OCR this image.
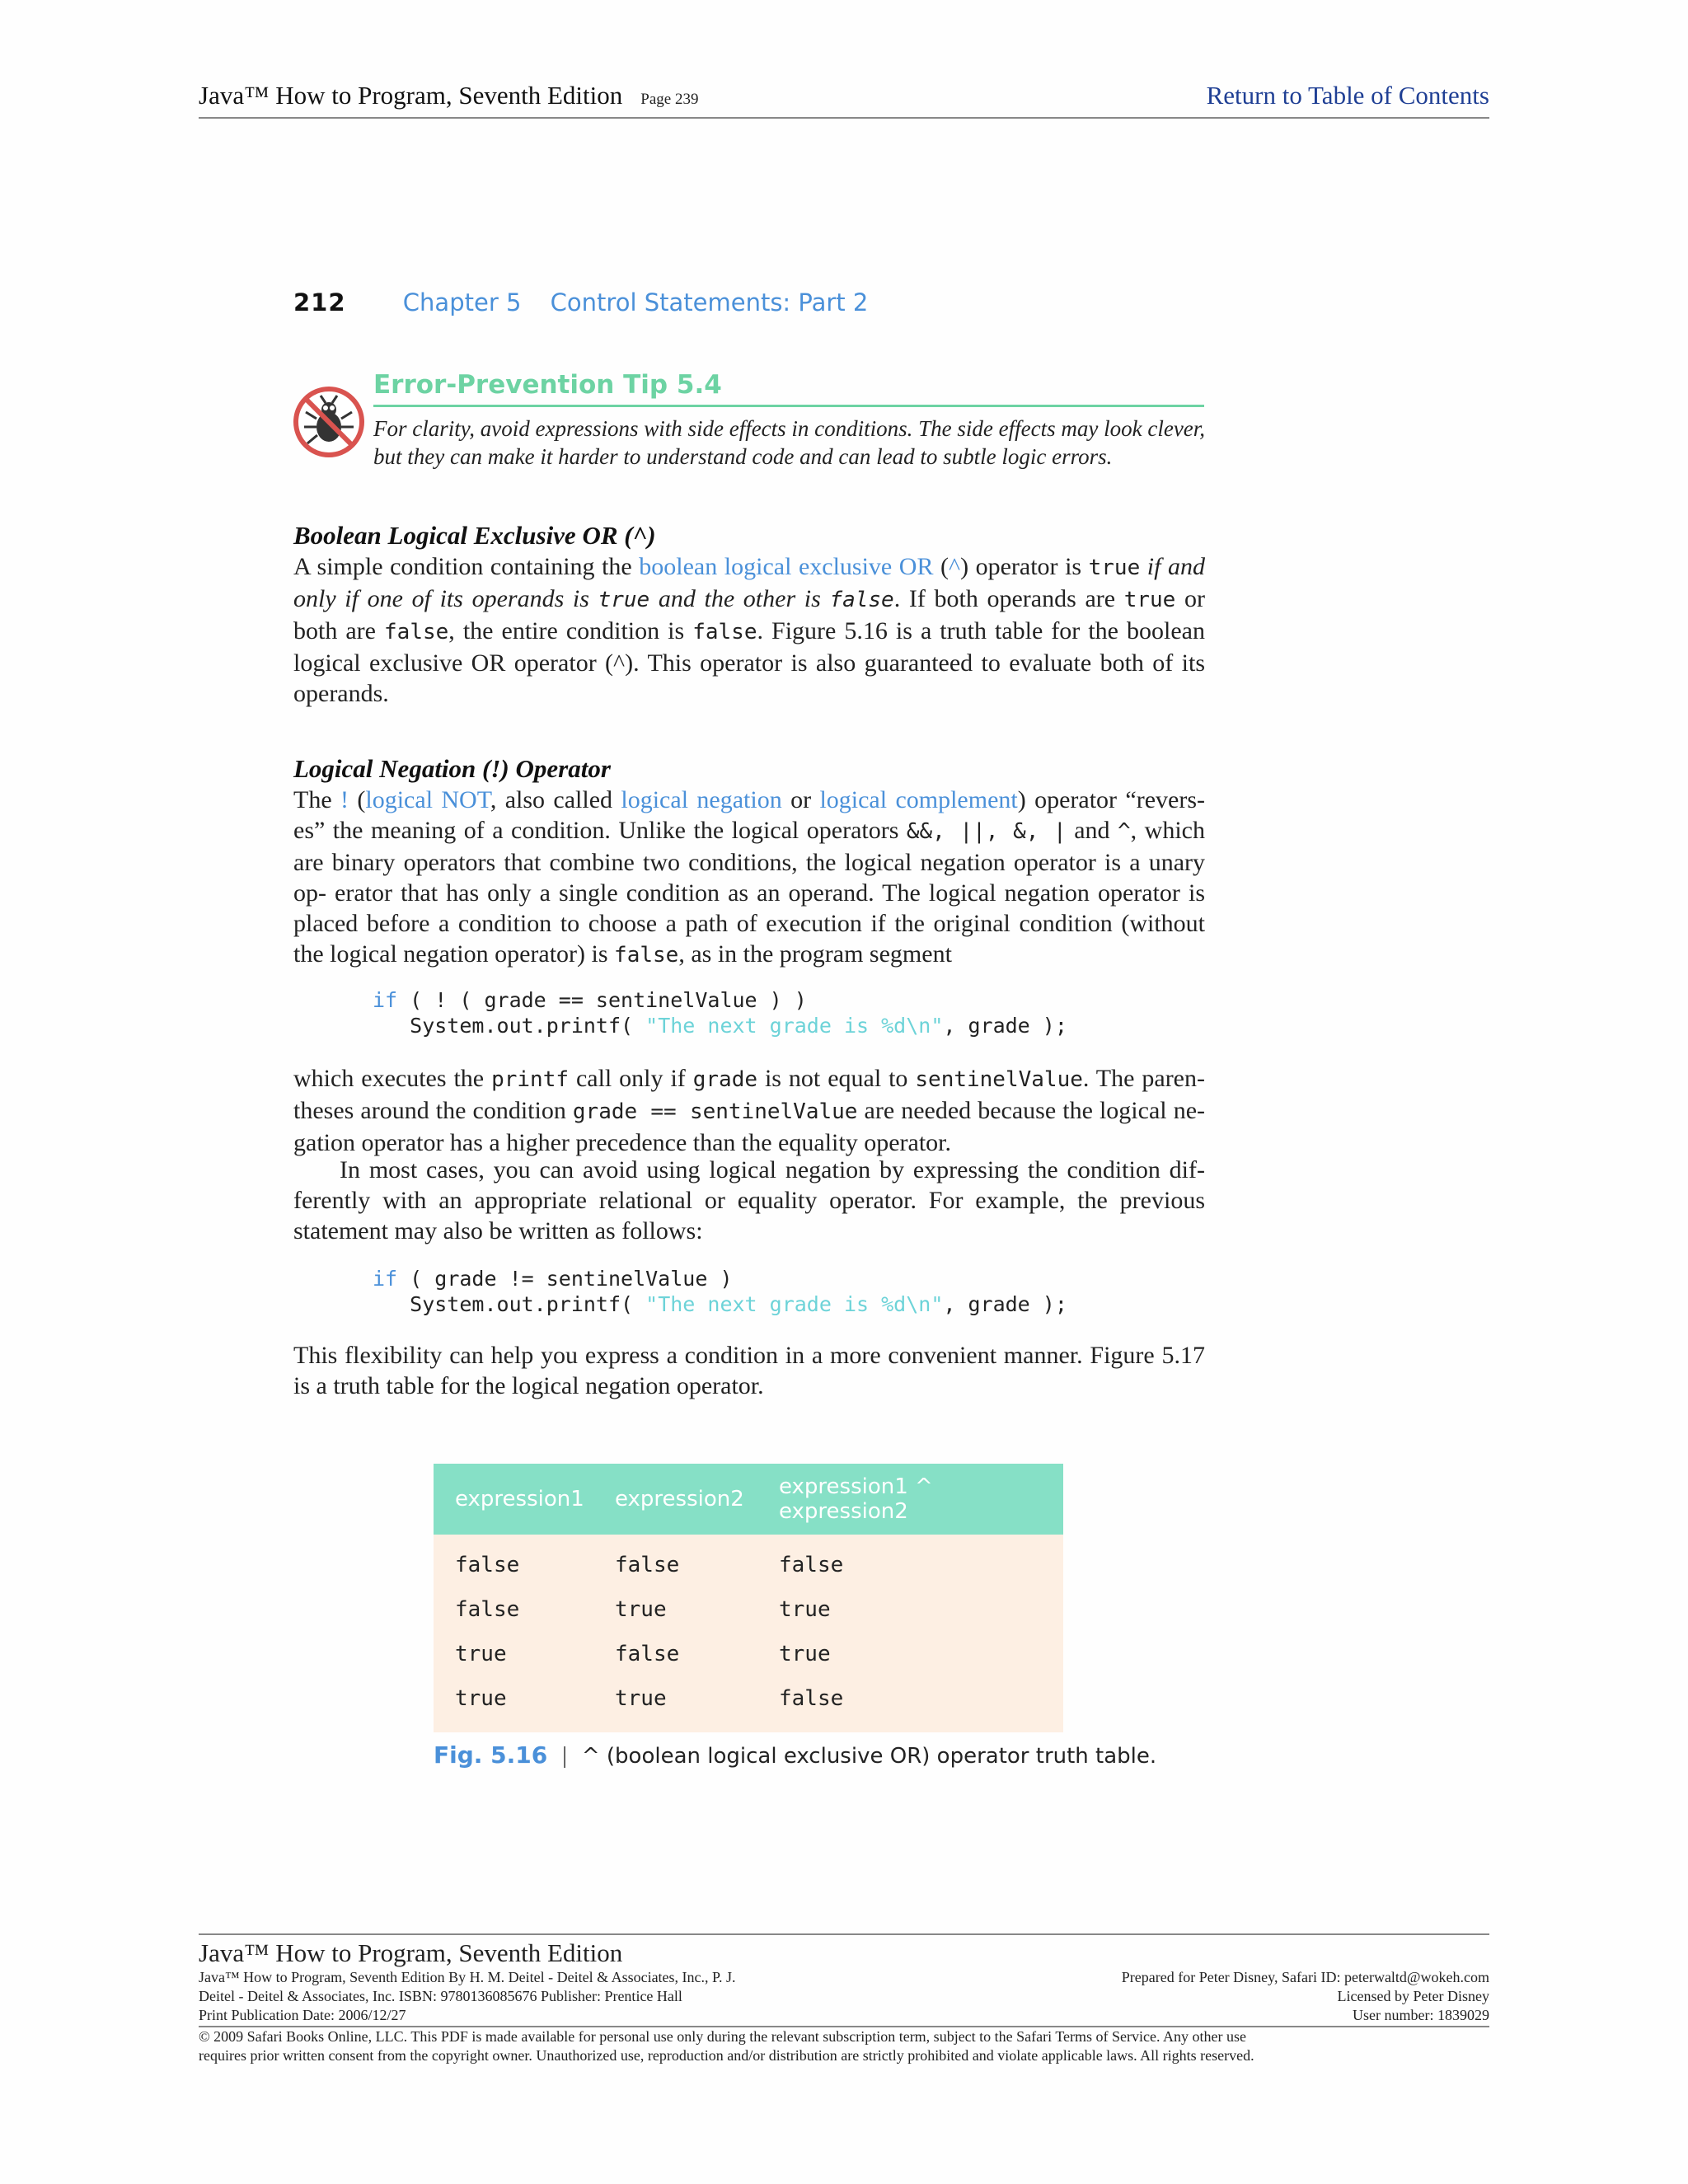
Java™ How to Program, Seventh Edition Page 239	Return to Table of Contents
212 Chapter 5 Control Statements: Part 2
Error-Prevention Tip 5.4
For clarity, avoid expressions with side effects in conditions. The side effects may look clever, but they can make it harder to understand code and can lead to subtle logic errors.
Boolean Logical Exclusive OR (^)
A simple condition containing the boolean logical exclusive OR (^) operator is true if and only if one of its operands is true and the other is false. If both operands are true or both are false, the entire condition is false. Figure 5.16 is a truth table for the boolean logical exclusive OR operator (^). This operator is also guaranteed to evaluate both of its operands.
Logical Negation (!) Operator
The ! (logical NOT, also called logical negation or logical complement) operator “revers- es” the meaning of a condition. Unlike the logical operators &&, ||, &, | and ^, which are binary operators that combine two conditions, the logical negation operator is a unary op- erator that has only a single condition as an operand. The logical negation operator is placed before a condition to choose a path of execution if the original condition (without the logical negation operator) is false, as in the program segment
if ( ! ( grade == sentinelValue ) )
System.out.printf( "The next grade is %d\n", grade );
which executes the printf call only if grade is not equal to sentinelValue. The paren- theses around the condition grade == sentinelValue are needed because the logical ne- gation operator has a higher precedence than the equality operator.
In most cases, you can avoid using logical negation by expressing the condition dif- ferently with an appropriate relational or equality operator. For example, the previous statement may also be written as follows:
if ( grade != sentinelValue )
System.out.printf( "The next grade is %d\n", grade );
This flexibility can help you express a condition in a more convenient manner. Figure 5.17 is a truth table for the logical negation operator.
expression1	expression2	expression1 ^ expression2
false	false	false
false	true	true
true	false	true
true	true	false
Fig. 5.16 | ^ (boolean logical exclusive OR) operator truth table.
Java™ How to Program, Seventh Edition
Java™ How to Program, Seventh Edition By H. M. Deitel - Deitel & Associates, Inc., P. J.	Prepared for Peter Disney, Safari ID: peterwaltd@wokeh.com
Deitel - Deitel & Associates, Inc. ISBN: 9780136085676 Publisher: Prentice Hall	Licensed by Peter Disney
Print Publication Date: 2006/12/27	User number: 1839029
© 2009 Safari Books Online, LLC. This PDF is made available for personal use only during the relevant subscription term, subject to the Safari Terms of Service. Any other use
requires prior written consent from the copyright owner. Unauthorized use, reproduction and/or distribution are strictly prohibited and violate applicable laws. All rights reserved.
